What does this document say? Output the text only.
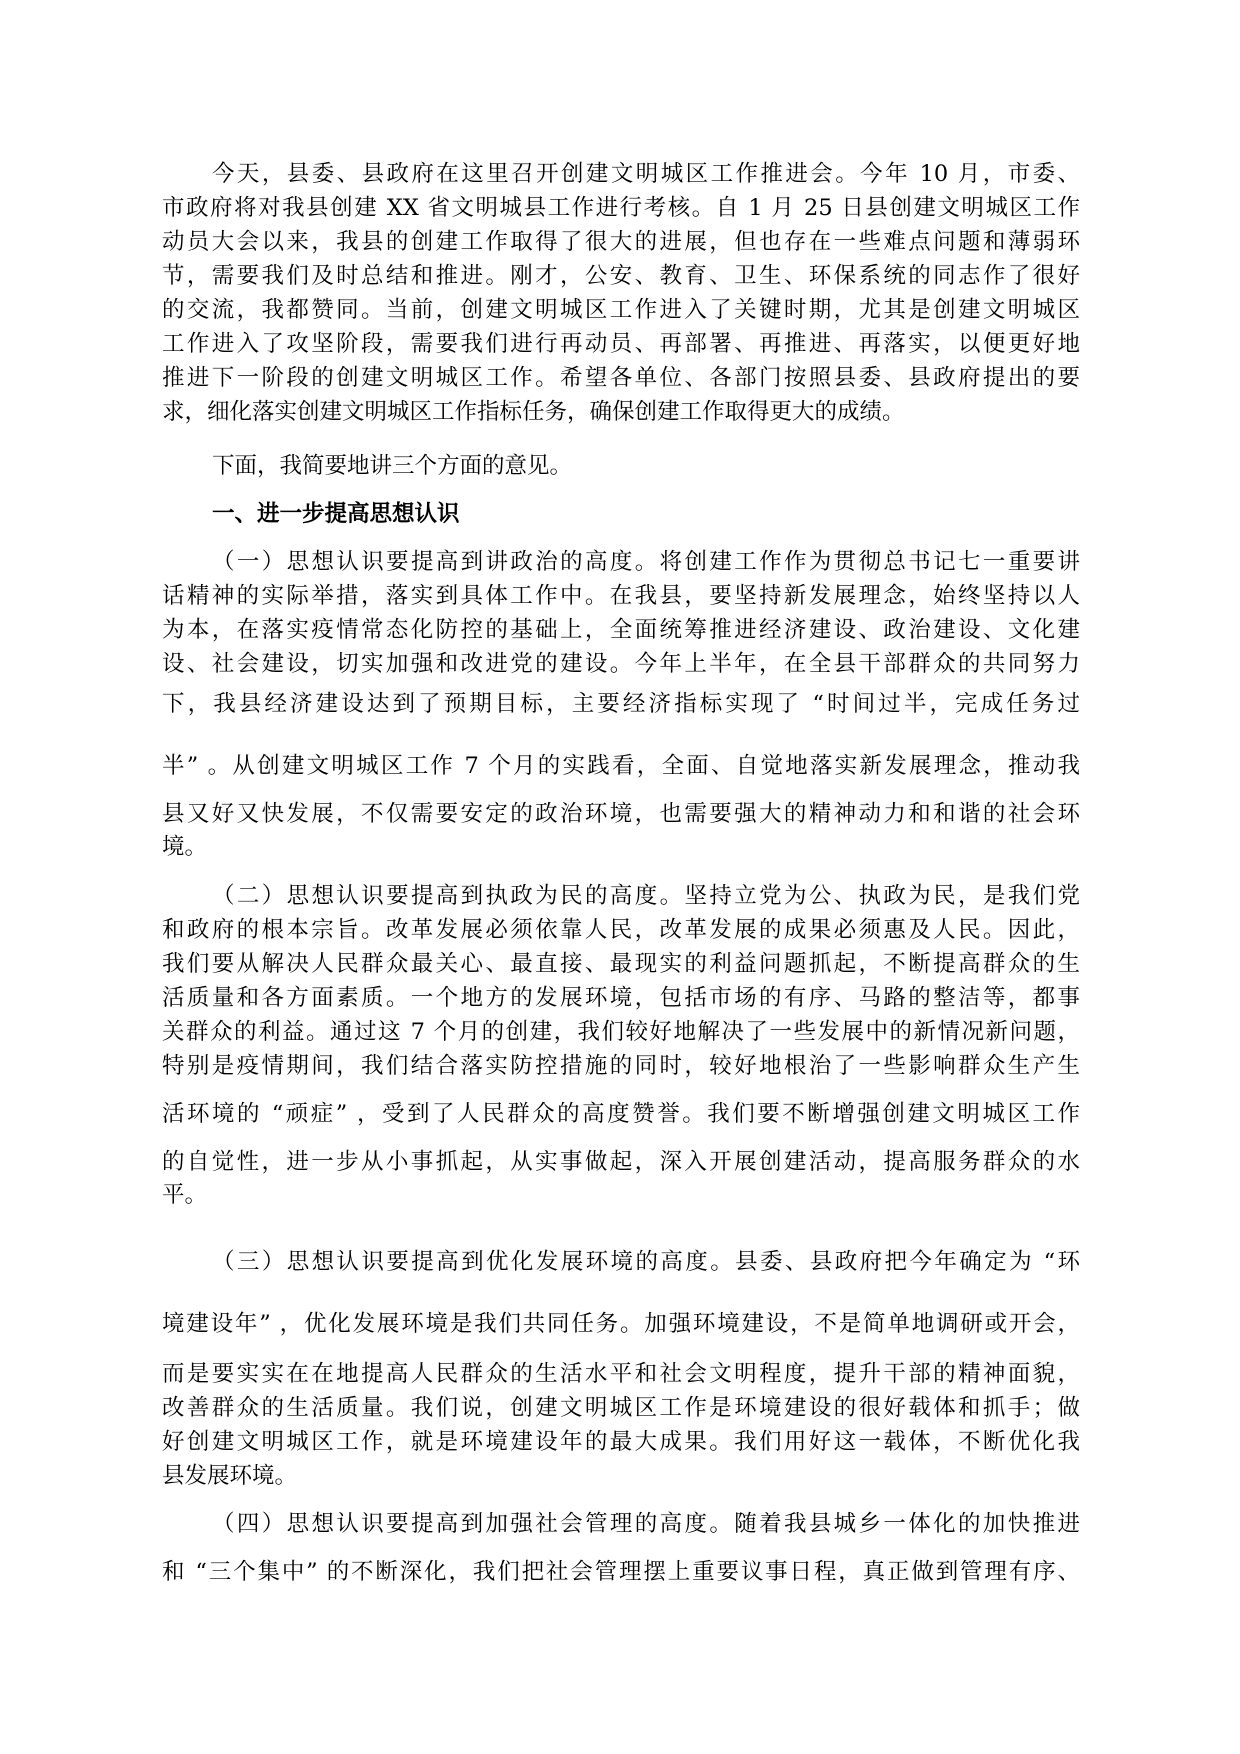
今天，县委、县政府在这里召开创建文明城区工作推进会。今年 10 月，市委、
市政府将对我县创建 XX 省文明城县工作进行考核。自 1 月 25 日县创建文明城区工作
动员大会以来，我县的创建工作取得了很大的进展，但也存在一些难点问题和薄弱环
节，需要我们及时总结和推进。刚才，公安、教育、卫生、环保系统的同志作了很好
的交流，我都赞同。当前，创建文明城区工作进入了关键时期，尤其是创建文明城区
工作进入了攻坚阶段，需要我们进行再动员、再部署、再推进、再落实，以便更好地
推进下一阶段的创建文明城区工作。希望各单位、各部门按照县委、县政府提出的要
求，细化落实创建文明城区工作指标任务，确保创建工作取得更大的成绩。
下面，我简要地讲三个方面的意见。
一、进一步提高思想认识
（一）思想认识要提高到讲政治的高度。将创建工作作为贯彻总书记七一重要讲
话精神的实际举措，落实到具体工作中。在我县，要坚持新发展理念，始终坚持以人
为本，在落实疫情常态化防控的基础上，全面统筹推进经济建设、政治建设、文化建
设、社会建设，切实加强和改进党的建设。今年上半年，在全县干部群众的共同努力
下，我县经济建设达到了预期目标，主要经济指标实现了 “时间过半，完成任务过
半” 。从创建文明城区工作 7 个月的实践看，全面、自觉地落实新发展理念，推动我
县又好又快发展，不仅需要安定的政治环境，也需要强大的精神动力和和谐的社会环
境。
（二）思想认识要提高到执政为民的高度。坚持立党为公、执政为民，是我们党
和政府的根本宗旨。改革发展必须依靠人民，改革发展的成果必须惠及人民。因此，
我们要从解决人民群众最关心、最直接、最现实的利益问题抓起，不断提高群众的生
活质量和各方面素质。一个地方的发展环境，包括市场的有序、马路的整洁等，都事
关群众的利益。通过这 7 个月的创建，我们较好地解决了一些发展中的新情况新问题，
特别是疫情期间，我们结合落实防控措施的同时，较好地根治了一些影响群众生产生
活环境的 “顽症” ，受到了人民群众的高度赞誉。我们要不断增强创建文明城区工作
的自觉性，进一步从小事抓起，从实事做起，深入开展创建活动，提高服务群众的水
平。
（三）思想认识要提高到优化发展环境的高度。县委、县政府把今年确定为 “环
境建设年” ，优化发展环境是我们共同任务。加强环境建设，不是简单地调研或开会，
而是要实实在在地提高人民群众的生活水平和社会文明程度，提升干部的精神面貌，
改善群众的生活质量。我们说，创建文明城区工作是环境建设的很好载体和抓手；做
好创建文明城区工作，就是环境建设年的最大成果。我们用好这一载体，不断优化我
县发展环境。
（四）思想认识要提高到加强社会管理的高度。随着我县城乡一体化的加快推进
和 “三个集中” 的不断深化，我们把社会管理摆上重要议事日程，真正做到管理有序、
